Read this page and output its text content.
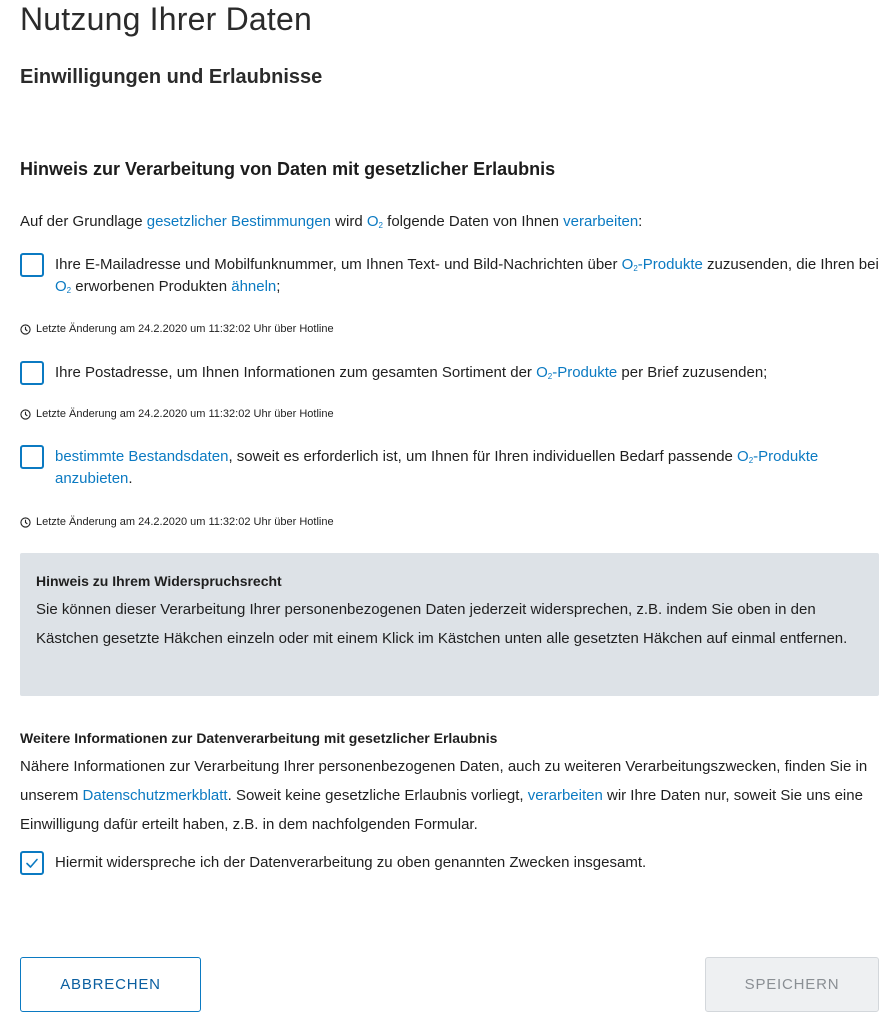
Nutzung Ihrer Daten
Einwilligungen und Erlaubnisse
Hinweis zur Verarbeitung von Daten mit gesetzlicher Erlaubnis
Auf der Grundlage gesetzlicher Bestimmungen wird $O_2$ folgende Daten von Ihnen verarbeiten:
Ihre E-Mailadresse und Mobilfunknummer, um Ihnen Text- und Bild-Nachrichten über $O_2$-Produkte zuzusenden, die Ihren bei $O_2$ erworbenen Produkten ähneln;
Letzte Änderung am 24.2.2020 um 11:32:02 Uhr über Hotline
Ihre Postadresse, um Ihnen Informationen zum gesamten Sortiment der $O_2$-Produkte per Brief zuzusenden;
Letzte Änderung am 24.2.2020 um 11:32:02 Uhr über Hotline
bestimmte Bestandsdaten, soweit es erforderlich ist, um Ihnen für Ihren individuellen Bedarf passende $O_2$-Produkte anzubieten.
Letzte Änderung am 24.2.2020 um 11:32:02 Uhr über Hotline
Hinweis zu Ihrem Widerspruchsrecht
Sie können dieser Verarbeitung Ihrer personenbezogenen Daten jederzeit widersprechen, z.B. indem Sie oben in den Kästchen gesetzte Häkchen einzeln oder mit einem Klick im Kästchen unten alle gesetzten Häkchen auf einmal entfernen.
Weitere Informationen zur Datenverarbeitung mit gesetzlicher Erlaubnis
Nähere Informationen zur Verarbeitung Ihrer personenbezogenen Daten, auch zu weiteren Verarbeitungszwecken, finden Sie in unserem Datenschutzmerkblatt. Soweit keine gesetzliche Erlaubnis vorliegt, verarbeiten wir Ihre Daten nur, soweit Sie uns eine Einwilligung dafür erteilt haben, z.B. in dem nachfolgenden Formular.
Hiermit widerspreche ich der Datenverarbeitung zu oben genannten Zwecken insgesamt.
ABBRECHEN	SPEICHERN
